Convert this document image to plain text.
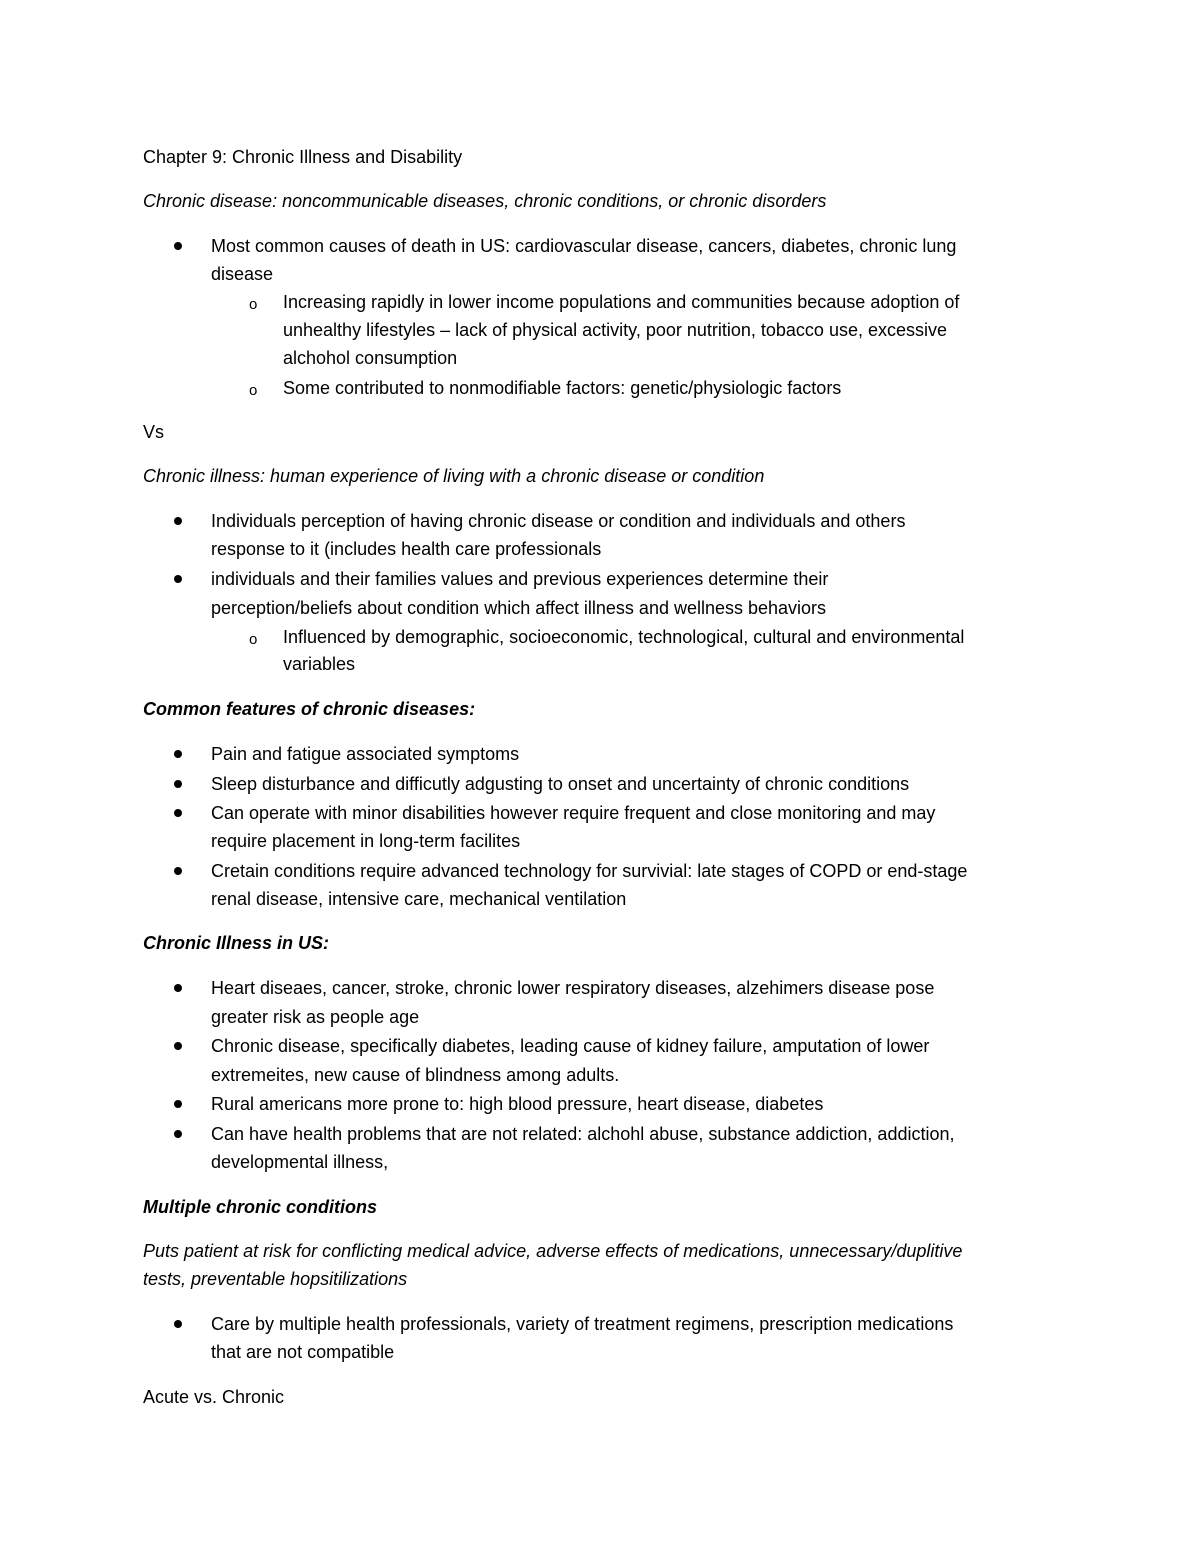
Chapter 9: Chronic Illness and Disability
Chronic disease: noncommunicable diseases, chronic conditions, or chronic disorders
Most common causes of death in US: cardiovascular disease, cancers, diabetes, chronic lung
disease
o Increasing rapidly in lower income populations and communities because adoption of
unhealthy lifestyles – lack of physical activity, poor nutrition, tobacco use, excessive
alchohol consumption
o Some contributed to nonmodifiable factors: genetic/physiologic factors
Vs
Chronic illness: human experience of living with a chronic disease or condition
Individuals perception of having chronic disease or condition and individuals and others
response to it (includes health care professionals
individuals and their families values and previous experiences determine their
perception/beliefs about condition which affect illness and wellness behaviors
o Influenced by demographic, socioeconomic, technological, cultural and environmental
variables
Common features of chronic diseases:
Pain and fatigue associated symptoms
Sleep disturbance and difficutly adgusting to onset and uncertainty of chronic conditions
Can operate with minor disabilities however require frequent and close monitoring and may
require placement in long-term facilites
Cretain conditions require advanced technology for survivial: late stages of COPD or end-stage
renal disease, intensive care, mechanical ventilation
Chronic Illness in US:
Heart diseaes, cancer, stroke, chronic lower respiratory diseases, alzehimers disease pose
greater risk as people age
Chronic disease, specifically diabetes, leading cause of kidney failure, amputation of lower
extremeites, new cause of blindness among adults.
Rural americans more prone to: high blood pressure, heart disease, diabetes
Can have health problems that are not related: alchohl abuse, substance addiction, addiction,
developmental illness,
Multiple chronic conditions
Puts patient at risk for conflicting medical advice, adverse effects of medications, unnecessary/duplitive
tests, preventable hopsitilizations
Care by multiple health professionals, variety of treatment regimens, prescription medications
that are not compatible
Acute vs. Chronic
